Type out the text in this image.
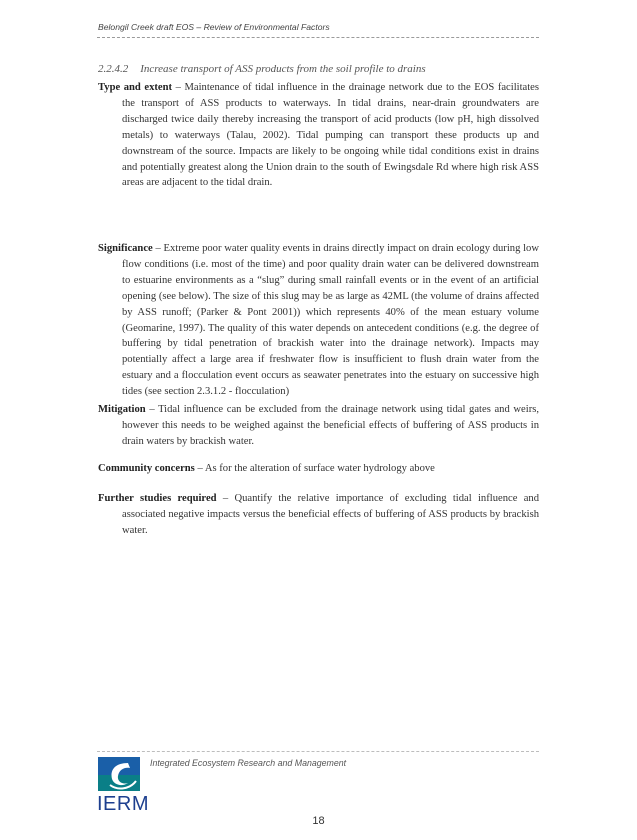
Belongil Creek draft EOS – Review of Environmental Factors
2.2.4.2 Increase transport of ASS products from the soil profile to drains

Type and extent – Maintenance of tidal influence in the drainage network due to the EOS facilitates the transport of ASS products to waterways. In tidal drains, near-drain groundwaters are discharged twice daily thereby increasing the transport of acid products (low pH, high dissolved metals) to waterways (Talau, 2002). Tidal pumping can transport these products up and downstream of the source. Impacts are likely to be ongoing while tidal conditions exist in drains and potentially greatest along the Union drain to the south of Ewingsdale Rd where high risk ASS areas are adjacent to the tidal drain.

Significance – Extreme poor water quality events in drains directly impact on drain ecology during low flow conditions (i.e. most of the time) and poor quality drain water can be delivered downstream to estuarine environments as a “slug” during small rainfall events or in the event of an artificial opening (see below). The size of this slug may be as large as 42ML (the volume of drains affected by ASS runoff; (Parker & Pont 2001)) which represents 40% of the mean estuary volume (Geomarine, 1997). The quality of this water depends on antecedent conditions (e.g. the degree of buffering by tidal penetration of brackish water into the drainage network). Impacts may potentially affect a large area if freshwater flow is insufficient to flush drain water from the estuary and a flocculation event occurs as seawater penetrates into the estuary on successive high tides (see section 2.3.1.2 - flocculation)

Mitigation – Tidal influence can be excluded from the drainage network using tidal gates and weirs, however this needs to be weighed against the beneficial effects of buffering of ASS products in drain waters by brackish water.

Community concerns – As for the alteration of surface water hydrology above

Further studies required – Quantify the relative importance of excluding tidal influence and associated negative impacts versus the beneficial effects of buffering of ASS products by brackish water.

IERM
Integrated Ecosystem Research and Management
18
